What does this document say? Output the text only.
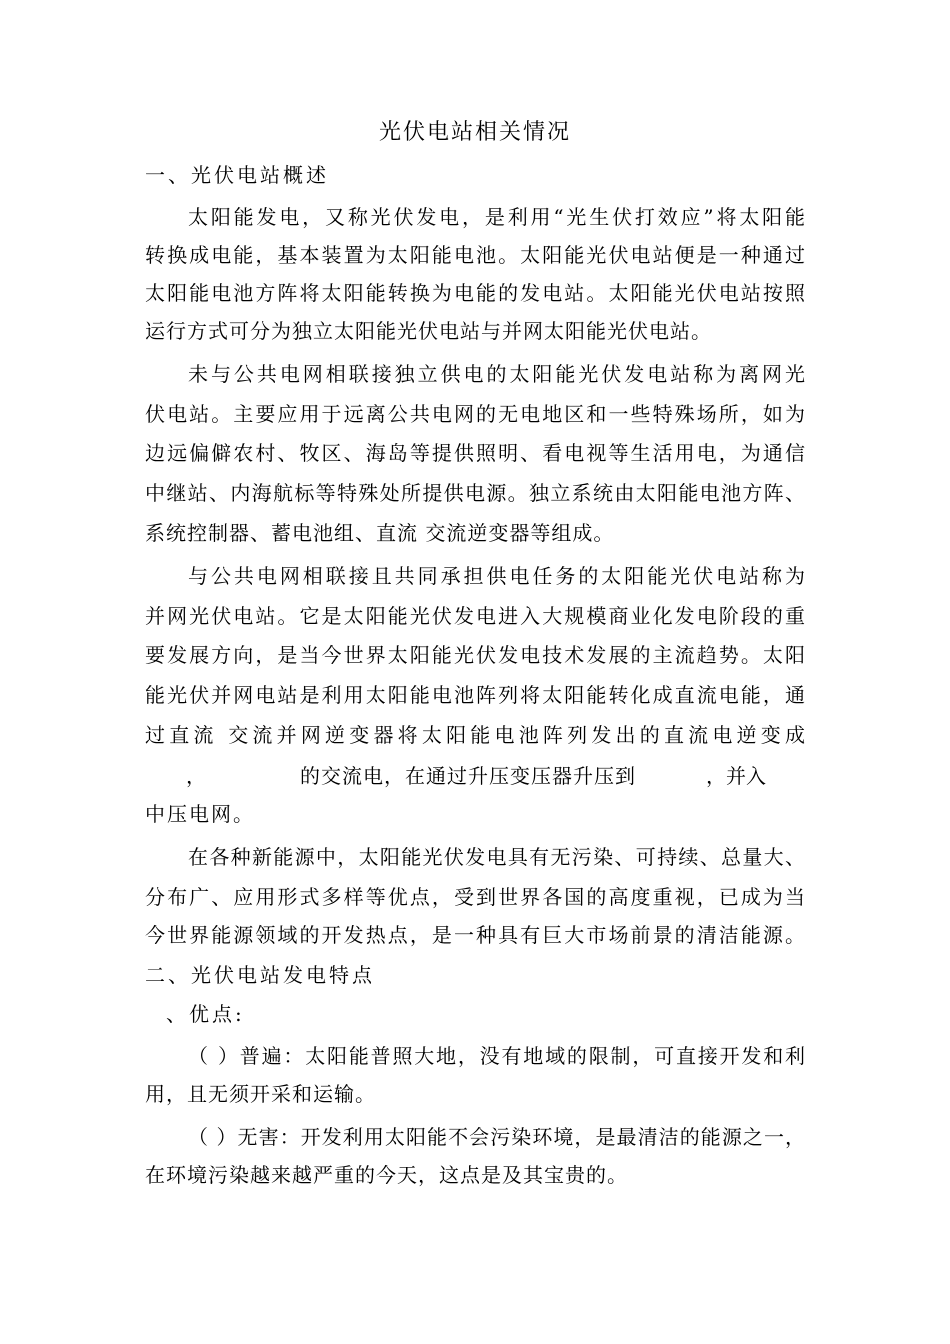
光伏电站相关情况
一、光伏电站概述
太阳能发电，又称光伏发电，是利用“光生伏打效应”将太阳能
转换成电能，基本装置为太阳能电池。太阳能光伏电站便是一种通过
太阳能电池方阵将太阳能转换为电能的发电站。太阳能光伏电站按照
运行方式可分为独立太阳能光伏电站与并网太阳能光伏电站。
未与公共电网相联接独立供电的太阳能光伏发电站称为离网光
伏电站。主要应用于远离公共电网的无电地区和一些特殊场所，如为
边远偏僻农村、牧区、海岛等提供照明、看电视等生活用电，为通信
中继站、内海航标等特殊处所提供电源。独立系统由太阳能电池方阵、
系统控制器、蓄电池组、直流 交流逆变器等组成。
与公共电网相联接且共同承担供电任务的太阳能光伏电站称为
并网光伏电站。它是太阳能光伏发电进入大规模商业化发电阶段的重
要发展方向，是当今世界太阳能光伏发电技术发展的主流趋势。太阳
能光伏并网电站是利用太阳能电池阵列将太阳能转化成直流电能，通
过直流 交流并网逆变器将太阳能电池阵列发出的直流电逆变成
，	的交流电，在通过升压变压器升压到	，并入
中压电网。
在各种新能源中，太阳能光伏发电具有无污染、可持续、总量大、
分布广、应用形式多样等优点，受到世界各国的高度重视，已成为当
今世界能源领域的开发热点，是一种具有巨大市场前景的清洁能源。
二、光伏电站发电特点
、优点:
（ ）普遍：太阳能普照大地，没有地域的限制，可直接开发和利
用，且无须开采和运输。
（ ）无害：开发利用太阳能不会污染环境，是最清洁的能源之一，
在环境污染越来越严重的今天，这点是及其宝贵的。
